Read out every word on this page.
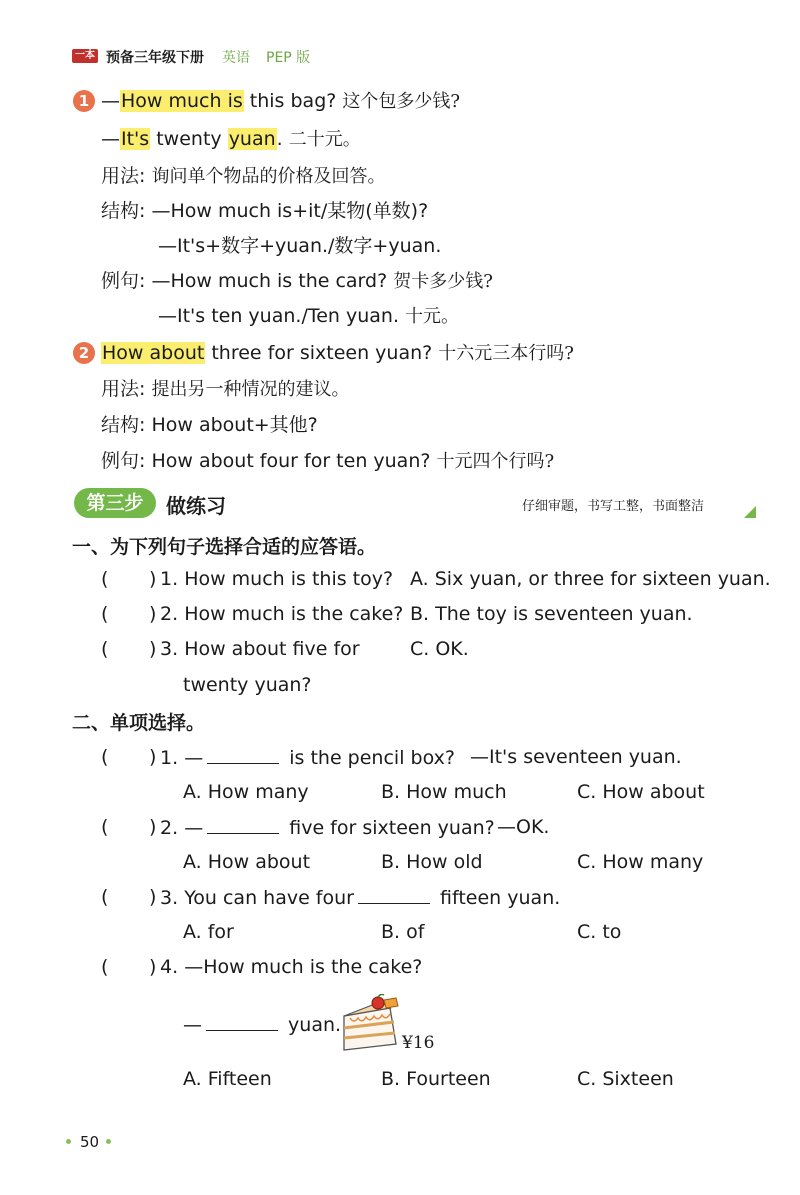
一本 预备三年级下册 英语 PEP 版
1 —How much is this bag? 这个包多少钱?
—It's twenty yuan. 二十元。
用法: 询问单个物品的价格及回答。
结构: —How much is+it/某物(单数)?
—It's+数字+yuan./数字+yuan.
例句: —How much is the card? 贺卡多少钱?
—It's ten yuan./Ten yuan. 十元。
2 How about three for sixteen yuan? 十六元三本行吗?
用法: 提出另一种情况的建议。
结构: How about+其他?
例句: How about four for ten yuan? 十元四个行吗?
第三步	做练习	仔细审题，书写工整，书面整洁
一、为下列句子选择合适的应答语。
( ) 1. How much is this toy? A. Six yuan, or three for sixteen yuan.
( ) 2. How much is the cake? B. The toy is seventeen yuan.
( ) 3. How about five for
twenty yuan?
C. OK.
二、单项选择。
( ) 1. —	is the pencil box? —It's seventeen yuan.
A. How many	B. How much	C. How about
( ) 2. —	five for sixteen yuan? —OK.
A. How about	B. How old	C. How many
( ) 3. You can have four	fifteen yuan.
A. for	B. of	C. to
( ) 4. —How much is the cake?
—	yuan.
¥16
A. Fifteen	B. Fourteen	C. Sixteen
50
